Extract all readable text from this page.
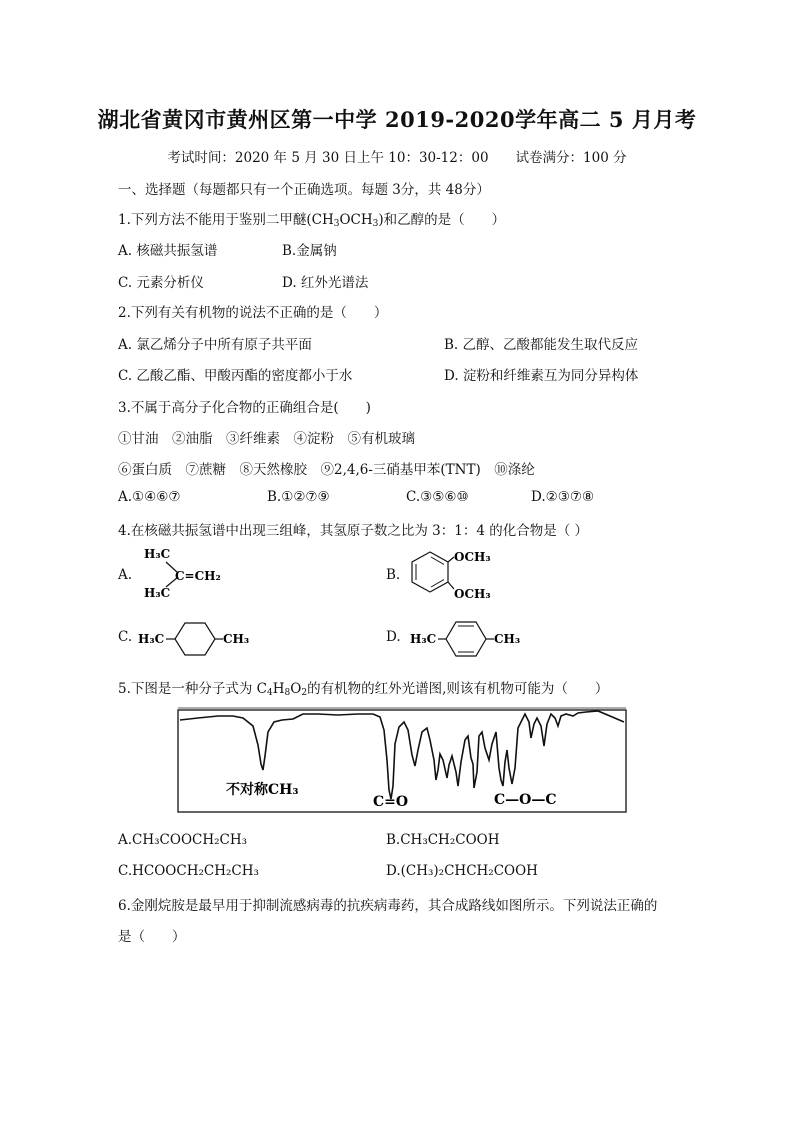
湖北省黄冈市黄州区第一中学 2019-2020学年高二 5 月月考
考试时间：2020 年 5 月 30 日上午 10：30-12：00　　试卷满分：100 分
一、选择题（每题都只有一个正确选项。每题 3分，共 48分）
1.下列方法不能用于鉴别二甲醚$(CH_3OCH_3)$和乙醇的是（　　）
A. 核磁共振氢谱	B.金属钠
C. 元素分析仪	D. 红外光谱法
2.下列有关有机物的说法不正确的是（　　）
A. 氯乙烯分子中所有原子共平面	B. 乙醇、乙酸都能发生取代反应
C. 乙酸乙酯、甲酸丙酯的密度都小于水	D. 淀粉和纤维素互为同分异构体
3.不属于高分子化合物的正确组合是(　　)
①甘油　②油脂　③纤维素　④淀粉　⑤有机玻璃
⑥蛋白质　⑦蔗糖　⑧天然橡胶　⑨2,4,6-三硝基甲苯(TNT)　⑩涤纶
A.①④⑥⑦	B.①②⑦⑨	C.③⑤⑥⑩	D.②③⑦⑧
4.在核磁共振氢谱中出现三组峰，其氢原子数之比为 3：1：4 的化合物是（ ）
A.	B.
C.	D.
H₃C
H₃C
C=CH₂
OCH₃
OCH₃
H₃C	CH₃	H₃C	CH₃
5.下图是一种分子式为 $C_4H_8O_2$的有机物的红外光谱图,则该有机物可能为（　　）
不对称CH₃
C=O	C—O—C
A.CH₃COOCH₂CH₃	B.CH₃CH₂COOH
C.HCOOCH₂CH₂CH₃	D.(CH₃)₂CHCH₂COOH
6.金刚烷胺是最早用于抑制流感病毒的抗疾病毒药，其合成路线如图所示。下列说法正确的
是（　　）
